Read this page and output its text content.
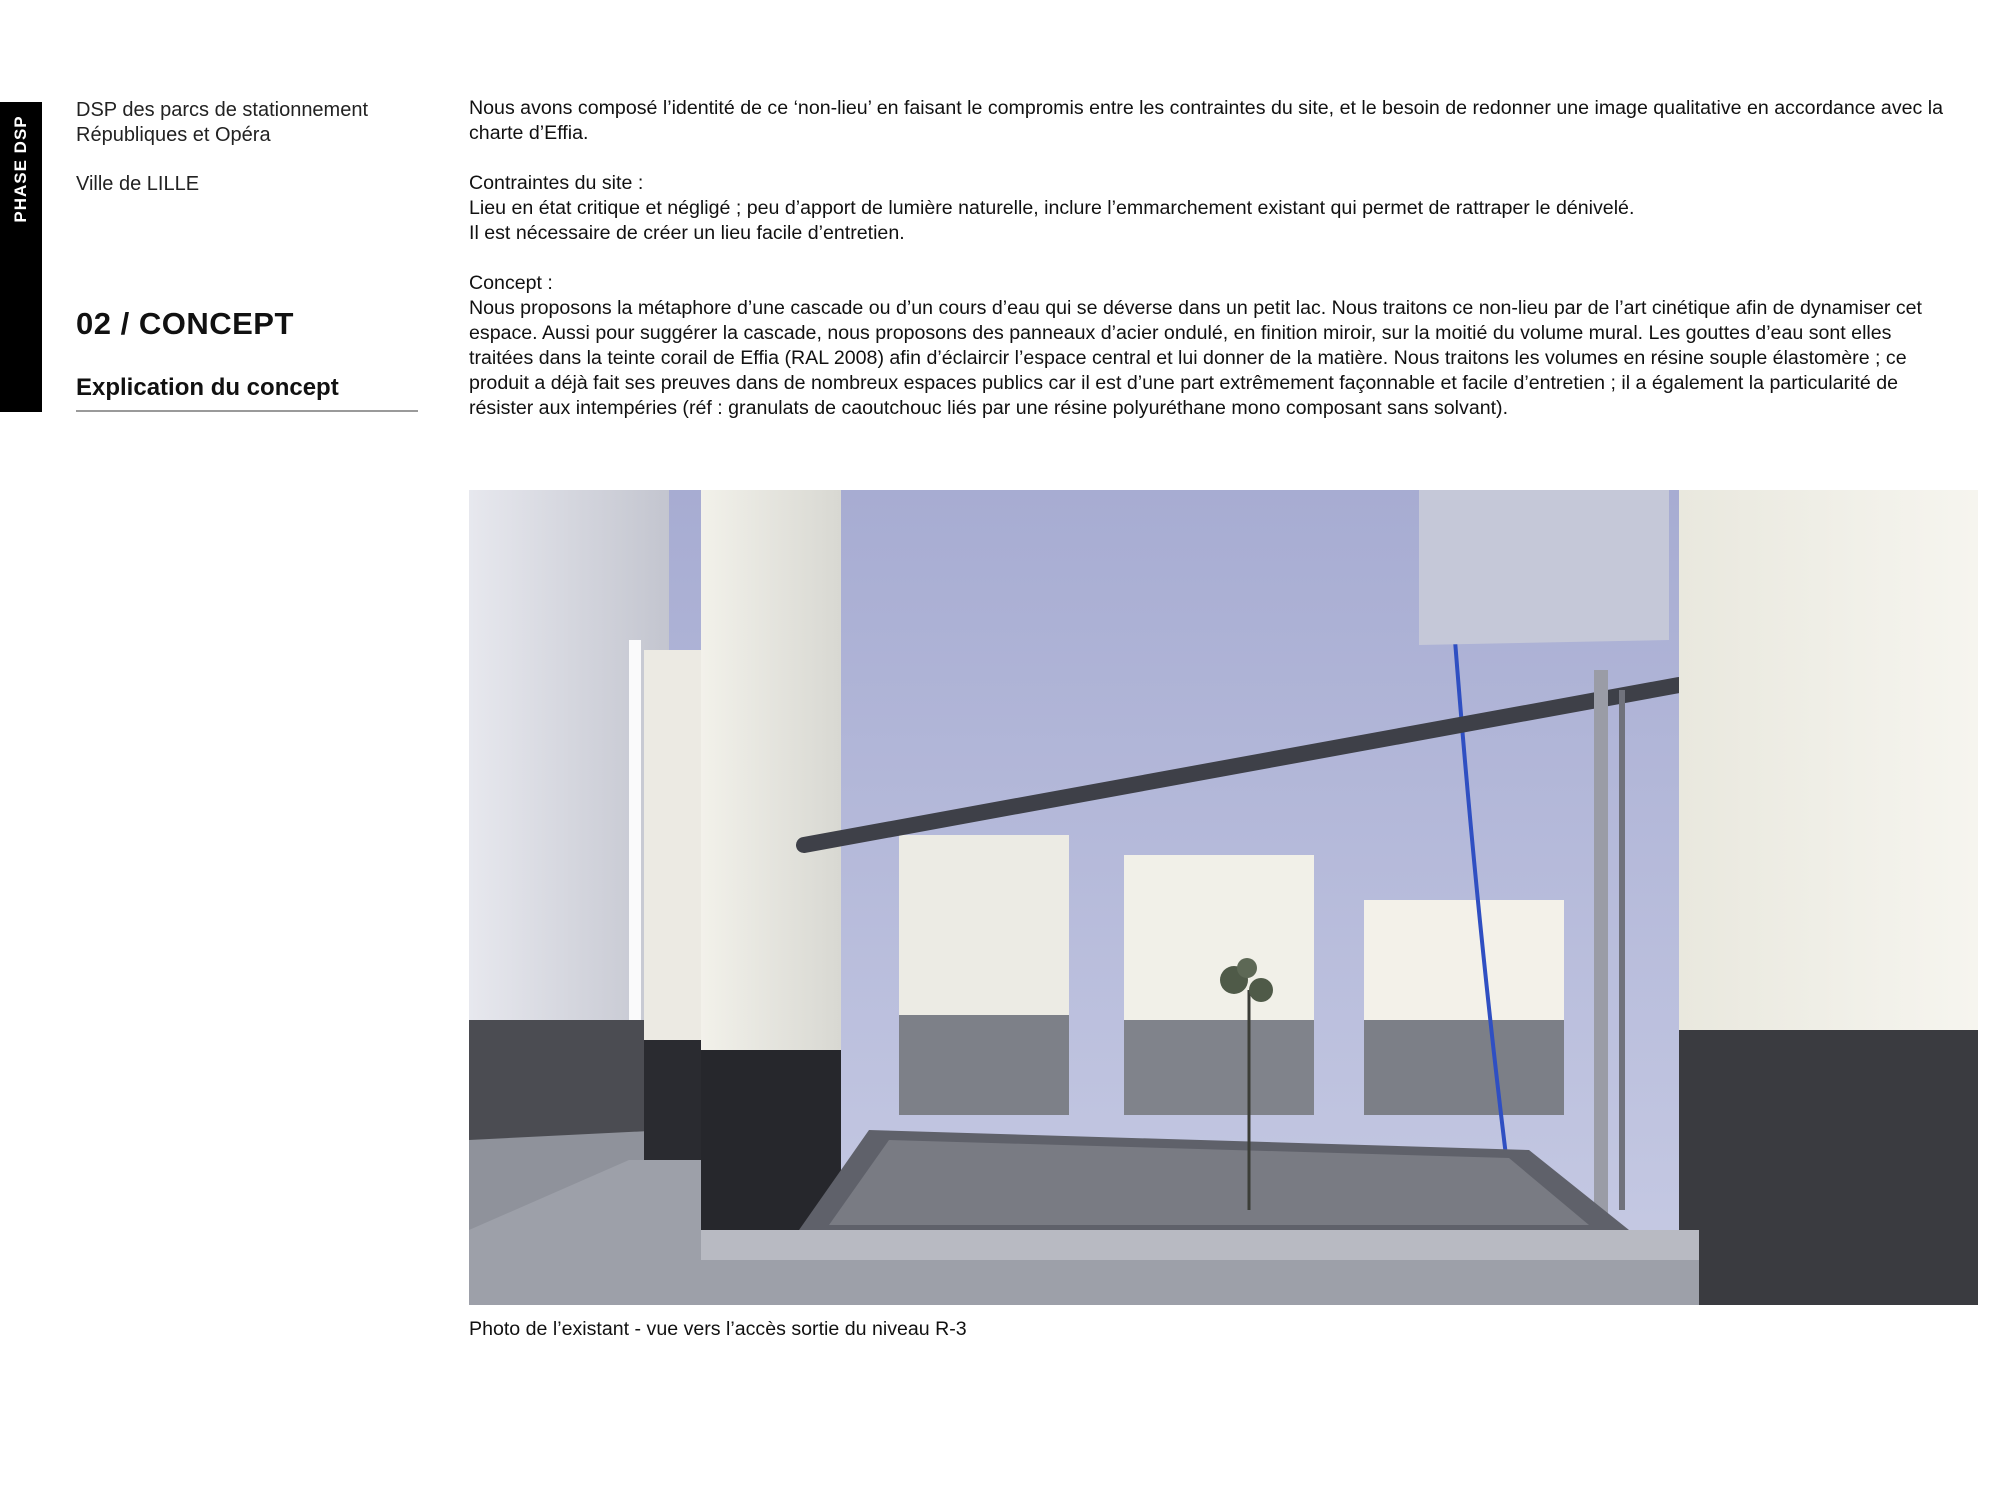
PHASE DSP
DSP des parcs de stationnement
Républiques et Opéra
Ville de LILLE
02 / CONCEPT
Explication du concept

Nous avons composé l’identité de ce ‘non-lieu’ en faisant le compromis entre les contraintes du site, et le besoin de redonner une image qualitative en accordance avec la charte d’Effia.

Contraintes du site :
Lieu en état critique et négligé ; peu d’apport de lumière naturelle, inclure l’emmarchement existant qui permet de rattraper le dénivelé.
Il est nécessaire de créer un lieu facile d’entretien.

Concept :
Nous proposons la métaphore d’une cascade ou d’un cours d’eau qui se déverse dans un petit lac. Nous traitons ce non-lieu par de l’art cinétique afin de dynamiser cet espace. Aussi pour suggérer la cascade, nous proposons des panneaux d’acier ondulé, en finition miroir, sur la moitié du volume mural. Les gouttes d’eau sont elles traitées dans la teinte corail de Effia (RAL 2008) afin d’éclaircir l’espace central et lui donner de la matière. Nous traitons les volumes en résine souple élastomère ; ce produit a déjà fait ses preuves dans de nombreux espaces publics car il est d’une part extrêmement façonnable et facile d’entretien ; il a également la particularité de résister aux intempéries (réf : granulats de caoutchouc liés par une résine polyuréthane mono composant sans solvant).

Photo de l’existant - vue vers l’accès sortie du niveau R-3
